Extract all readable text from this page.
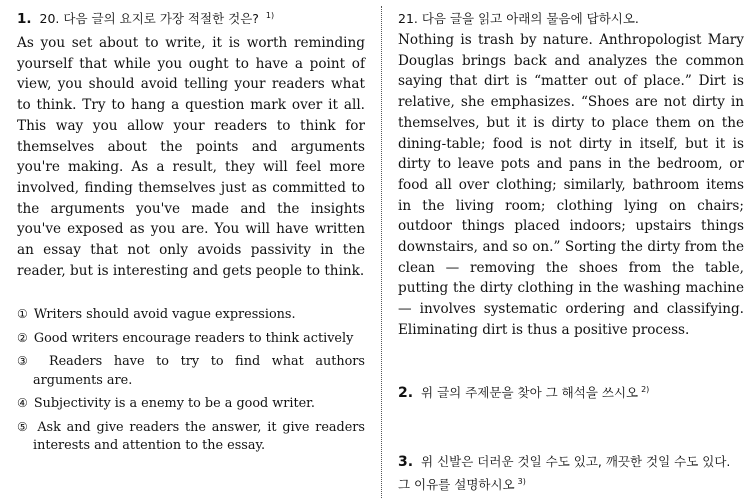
1. 20. 다음 글의 요지로 가장 적절한 것은? $^{1)}$

As you set about to write, it is worth reminding yourself that while you ought to have a point of view, you should avoid telling your readers what to think. Try to hang a question mark over it all. This way you allow your readers to think for themselves about the points and arguments you're making. As a result, they will feel more involved, finding themselves just as committed to the arguments you've made and the insights you've exposed as you are. You will have written an essay that not only avoids passivity in the reader, but is interesting and gets people to think.

① Writers should avoid vague expressions.
② Good writers encourage readers to think actively
③ Readers have to try to find what authors arguments are.
④ Subjectivity is a enemy to be a good writer.
⑤ Ask and give readers the answer, it give readers interests and attention to the essay.
21. 다음 글을 읽고 아래의 물음에 답하시오.

Nothing is trash by nature. Anthropologist Mary Douglas brings back and analyzes the common saying that dirt is “matter out of place.” Dirt is relative, she emphasizes. “Shoes are not dirty in themselves, but it is dirty to place them on the dining-table; food is not dirty in itself, but it is dirty to leave pots and pans in the bedroom, or food all over clothing; similarly, bathroom items in the living room; clothing lying on chairs; outdoor things placed indoors; upstairs things downstairs, and so on.” Sorting the dirty from the clean — removing the shoes from the table, putting the dirty clothing in the washing machine — involves systematic ordering and classifying. Eliminating dirt is thus a positive process.

2. 위 글의 주제문을 찾아 그 해석을 쓰시오 $^{2)}$
3. 위 신발은 더러운 것일 수도 있고, 깨끗한 것일 수도 있다. 그 이유를 설명하시오 $^{3)}$
